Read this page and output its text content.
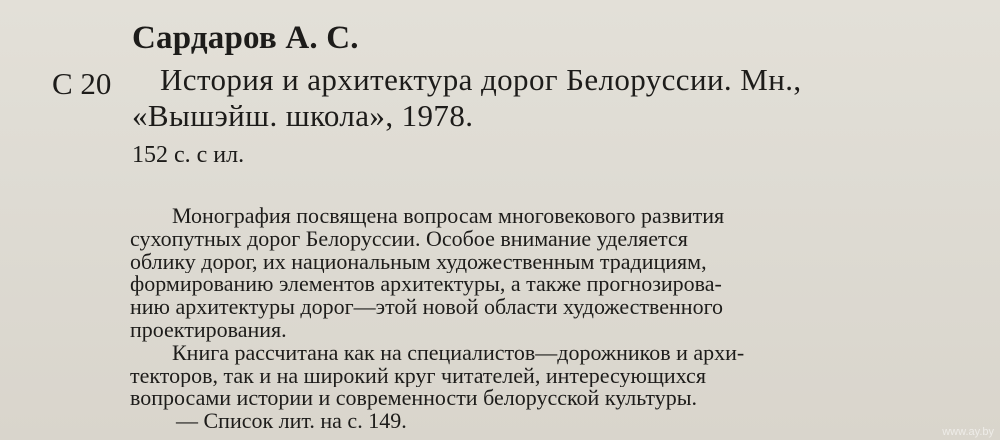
Сардаров А. С.
С 20 История и архитектура дорог Белоруссии. Мн.,
«Вышэйш. школа», 1978.
152 с. с ил.
Монография посвящена вопросам многовекового развития
сухопутных дорог Белоруссии. Особое внимание уделяется
облику дорог, их национальным художественным традициям,
формированию элементов архитектуры, а также прогнозирова-
нию архитектуры дорог—этой новой области художественного
проектирования.
Книга рассчитана как на специалистов—дорожников и архи-
текторов, так и на широкий круг читателей, интересующихся
вопросами истории и современности белорусской культуры.
— Список лит. на с. 149.	www.ay.by
